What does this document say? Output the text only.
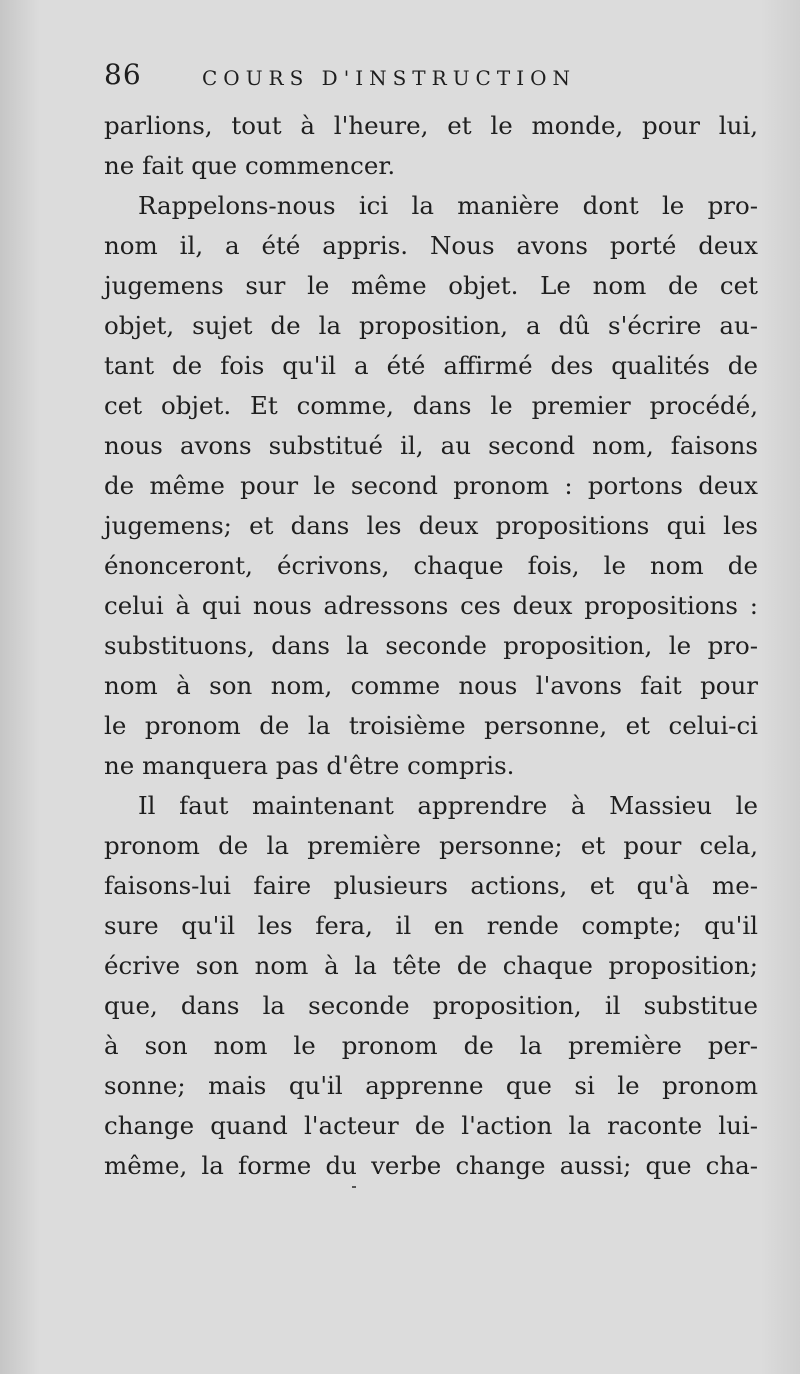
86	COURS D'INSTRUCTION
parlions, tout à l'heure, et le monde, pour lui,
ne fait que commencer.
Rappelons-nous ici la manière dont le pro-
nom il, a été appris. Nous avons porté deux
jugemens sur le même objet. Le nom de cet
objet, sujet de la proposition, a dû s'écrire au-
tant de fois qu'il a été affirmé des qualités de
cet objet. Et comme, dans le premier procédé,
nous avons substitué il, au second nom, faisons
de même pour le second pronom : portons deux
jugemens; et dans les deux propositions qui les
énonceront, écrivons, chaque fois, le nom de
celui à qui nous adressons ces deux propositions :
substituons, dans la seconde proposition, le pro-
nom à son nom, comme nous l'avons fait pour
le pronom de la troisième personne, et celui-ci
ne manquera pas d'être compris.
Il faut maintenant apprendre à Massieu le
pronom de la première personne; et pour cela,
faisons-lui faire plusieurs actions, et qu'à me-
sure qu'il les fera, il en rende compte; qu'il
écrive son nom à la tête de chaque proposition;
que, dans la seconde proposition, il substitue
à son nom le pronom de la première per-
sonne; mais qu'il apprenne que si le pronom
change quand l'acteur de l'action la raconte lui-
même, la forme du verbe change aussi; que cha-
